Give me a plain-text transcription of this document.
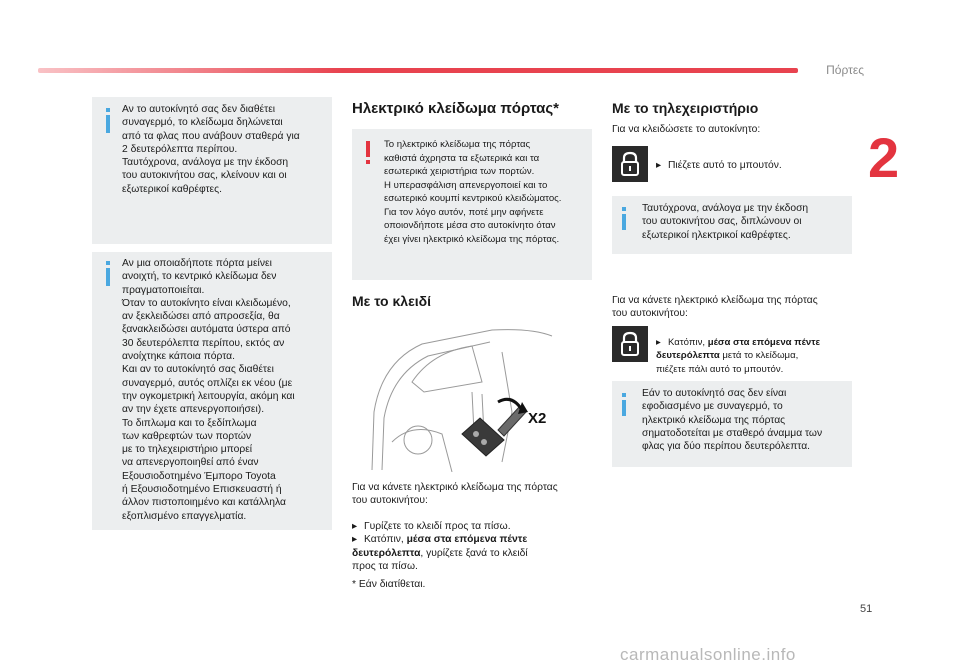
Πόρτες
2
Αν το αυτοκίνητό σας δεν διαθέτει
συναγερμό, το κλείδωμα δηλώνεται
από τα φλας που ανάβουν σταθερά για
2 δευτερόλεπτα περίπου.
Ταυτόχρονα, ανάλογα με την έκδοση
του αυτοκινήτου σας, κλείνουν και οι
εξωτερικοί καθρέφτες.
Αν μια οποιαδήποτε πόρτα μείνει
ανοιχτή, το κεντρικό κλείδωμα δεν
πραγματοποιείται.
Όταν το αυτοκίνητο είναι κλειδωμένο,
αν ξεκλειδώσει από απροσεξία, θα
ξανακλειδώσει αυτόματα ύστερα από
30 δευτερόλεπτα περίπου, εκτός αν
ανοίχτηκε κάποια πόρτα.
Και αν το αυτοκίνητό σας διαθέτει
συναγερμό, αυτός οπλίζει εκ νέου (με
την ογκομετρική λειτουργία, ακόμη και
αν την έχετε απενεργοποιήσει).
Το διπλωμα και το ξεδίπλωμα
των καθρεφτών των πορτών
με το τηλεχειριστήριο μπορεί
να απενεργοποιηθεί από έναν
Εξουσιοδοτημένο Έμπορο Toyota
ή Εξουσιοδοτημένο Επισκευαστή ή
άλλον πιστοποιημένο και κατάλληλα
εξοπλισμένο επαγγελματία.
Ηλεκτρικό κλείδωμα πόρτας*
Το ηλεκτρικό κλείδωμα της πόρτας
καθιστά άχρηστα τα εξωτερικά και τα
εσωτερικά χειριστήρια των πορτών.
Η υπερασφάλιση απενεργοποιεί και το
εσωτερικό κουμπί κεντρικού κλειδώματος.
Για τον λόγο αυτόν, ποτέ μην αφήνετε
οποιονδήποτε μέσα στο αυτοκίνητο όταν
έχει γίνει ηλεκτρικό κλείδωμα της πόρτας.
Με το κλειδί
X2
Για να κάνετε ηλεκτρικό κλείδωμα της πόρτας
του αυτοκινήτου:

▸ Γυρίζετε το κλειδί προς τα πίσω.

▸ Κατόπιν, μέσα στα επόμενα πέντε
δευτερόλεπτα, γυρίζετε ξανά το κλειδί
προς τα πίσω.

* Εάν διατίθεται.
Με το τηλεχειριστήριο
Για να κλειδώσετε το αυτοκίνητο:

▸ Πιέζετε αυτό το μπουτόν.

Ταυτόχρονα, ανάλογα με την έκδοση
του αυτοκινήτου σας, διπλώνουν οι
εξωτερικοί ηλεκτρικοί καθρέφτες.
Για να κάνετε ηλεκτρικό κλείδωμα της πόρτας
του αυτοκινήτου:

▸ Κατόπιν, μέσα στα επόμενα πέντε
δευτερόλεπτα μετά το κλείδωμα,
πιέζετε πάλι αυτό το μπουτόν.

Εάν το αυτοκίνητό σας δεν είναι
εφοδιασμένο με συναγερμό, το
ηλεκτρικό κλείδωμα της πόρτας
σηματοδοτείται με σταθερό άναμμα των
φλας για δύο περίπου δευτερόλεπτα.
51
carmanualsonline.info
